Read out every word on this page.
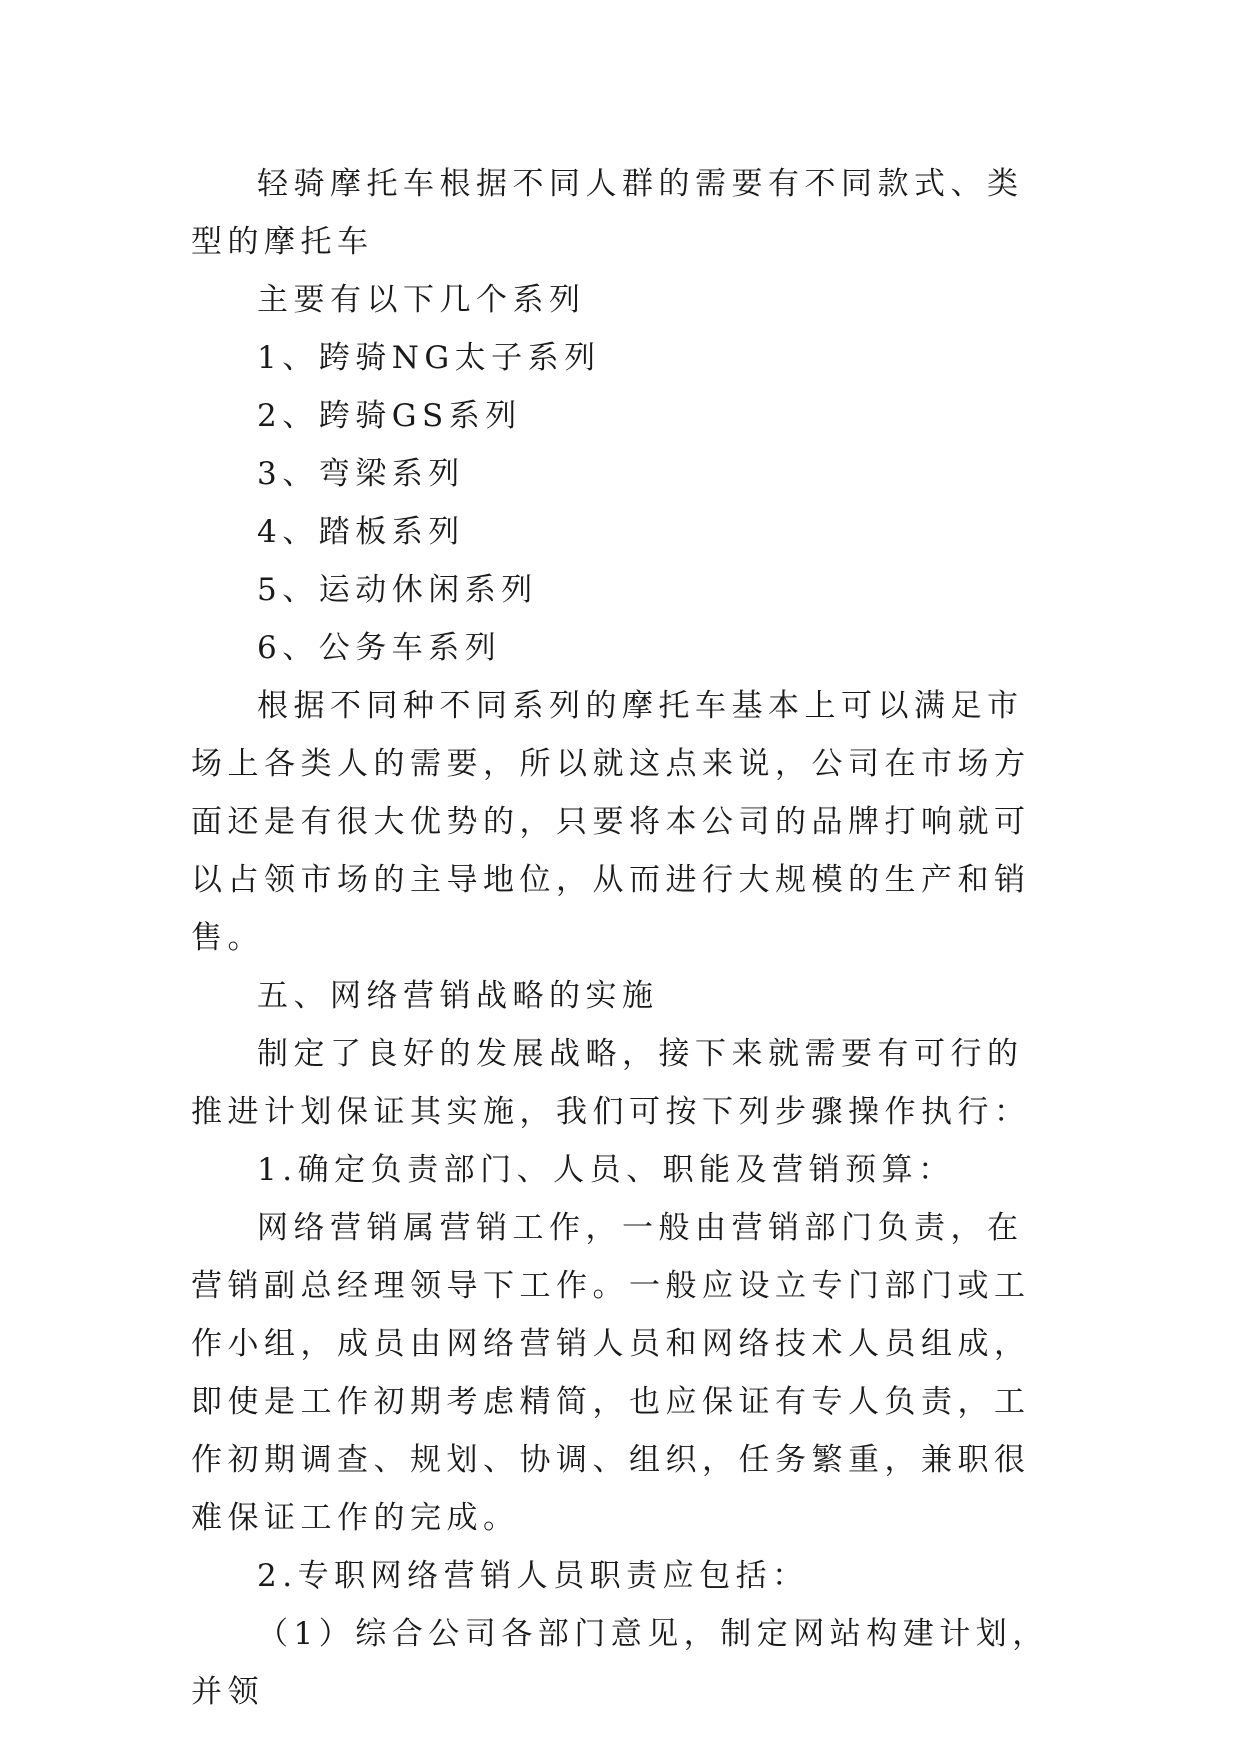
轻骑摩托车根据不同人群的需要有不同款式、类型的摩托车

主要有以下几个系列

1、跨骑NG太子系列

2、跨骑GS系列

3、弯梁系列

4、踏板系列

5、运动休闲系列

6、公务车系列

根据不同种不同系列的摩托车基本上可以满足市场上各类人的需要，所以就这点来说，公司在市场方面还是有很大优势的，只要将本公司的品牌打响就可以占领市场的主导地位，从而进行大规模的生产和销售。

五、网络营销战略的实施

制定了良好的发展战略，接下来就需要有可行的推进计划保证其实施，我们可按下列步骤操作执行：

1.确定负责部门、人员、职能及营销预算：

网络营销属营销工作，一般由营销部门负责，在营销副总经理领导下工作。一般应设立专门部门或工作小组，成员由网络营销人员和网络技术人员组成，即使是工作初期考虑精简，也应保证有专人负责，工作初期调查、规划、协调、组织，任务繁重，兼职很难保证工作的完成。

2.专职网络营销人员职责应包括：

（1）综合公司各部门意见，制定网站构建计划，并领
